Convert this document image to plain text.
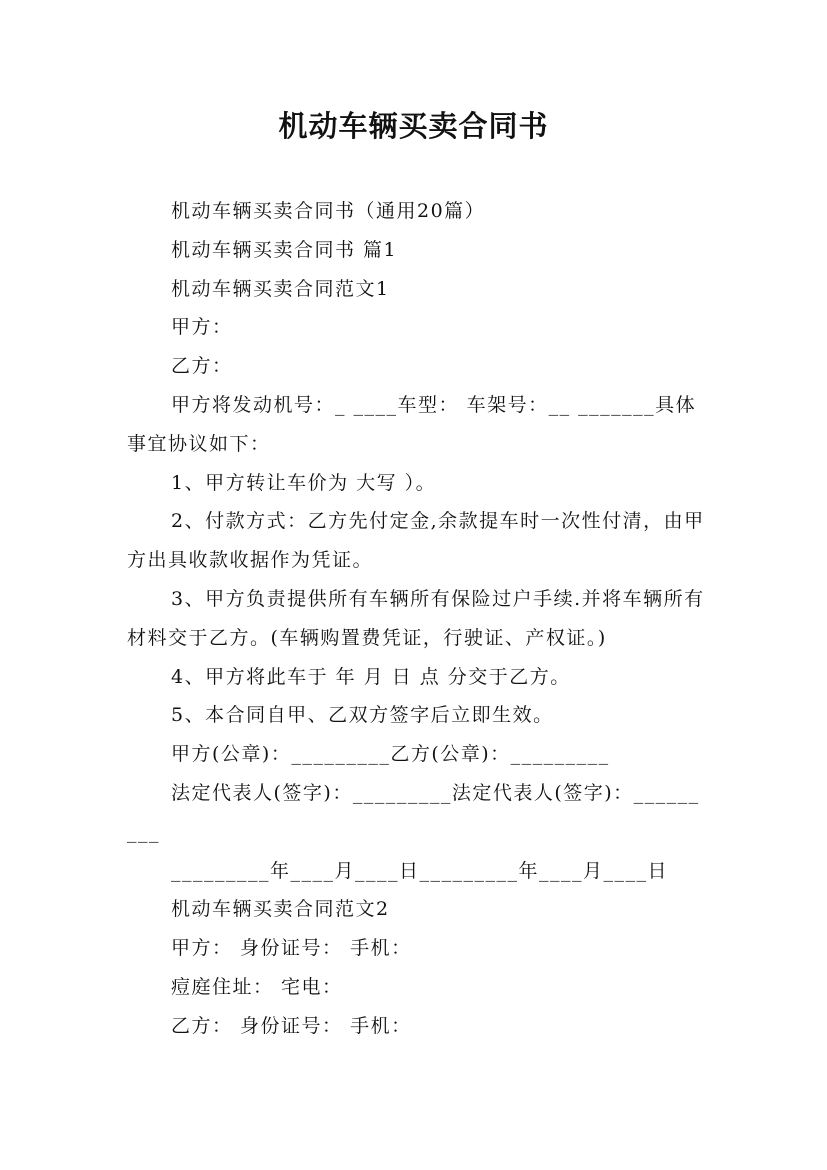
机动车辆买卖合同书

机动车辆买卖合同书（通用20篇）

机动车辆买卖合同书 篇1

机动车辆买卖合同范文1

甲方：

乙方：

甲方将发动机号：_ ____车型： 车架号：__ _______具体事宜协议如下：

1、甲方转让车价为 大写 ）。

2、付款方式：乙方先付定金,余款提车时一次性付清，由甲方出具收款收据作为凭证。

3、甲方负责提供所有车辆所有保险过户手续.并将车辆所有材料交于乙方。(车辆购置费凭证，行驶证、产权证。)

4、甲方将此车于 年 月 日 点 分交于乙方。

5、本合同自甲、乙双方签字后立即生效。

甲方(公章)：_________乙方(公章)：_________

法定代表人(签字)：_________法定代表人(签字)：_________

_________年____月____日_________年____月____日

机动车辆买卖合同范文2

甲方： 身份证号： 手机：

痘庭住址： 宅电：

乙方： 身份证号： 手机：
